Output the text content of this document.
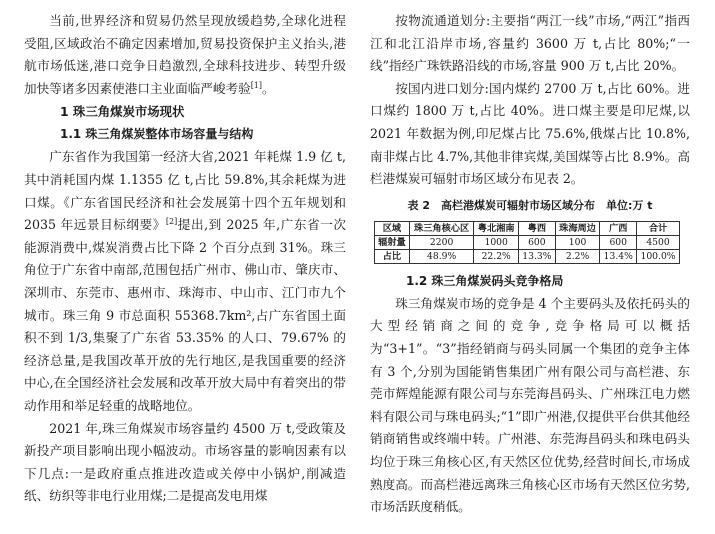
当前,世界经济和贸易仍然呈现放缓趋势,全球化进程受阻,区域政治不确定因素增加,贸易投资保护主义抬头,港航市场低迷,港口竞争日趋激烈,全球科技进步、转型升级加快等诸多因素使港口主业面临严峻考验[1]。

1 珠三角煤炭市场现状
1.1 珠三角煤炭整体市场容量与结构

广东省作为我国第一经济大省,2021 年耗煤 1.9 亿 t,其中消耗国内煤 1.1355 亿 t,占比 59.8%,其余耗煤为进口煤。《广东省国民经济和社会发展第十四个五年规划和 2035 年远景目标纲要》[2]提出,到 2025 年,广东省一次能源消费中,煤炭消费占比下降 2 个百分点到 31%。珠三角位于广东省中南部,范围包括广州市、佛山市、肇庆市、深圳市、东莞市、惠州市、珠海市、中山市、江门市九个城市。珠三角 9 市总面积 55368.7km²,占广东省国土面积不到 1/3,集聚了广东省 53.35% 的人口、79.67% 的经济总量,是我国改革开放的先行地区,是我国重要的经济中心,在全国经济社会发展和改革开放大局中有着突出的带动作用和举足轻重的战略地位。

2021 年,珠三角煤炭市场容量约 4500 万 t,受政策及新投产项目影响出现小幅波动。市场容量的影响因素有以下几点:一是政府重点推进改造或关停中小锅炉,削减造纸、纺织等非电行业用煤;二是提高发电用煤

按物流通道划分:主要指“两江一线”市场,“两江”指西江和北江沿岸市场,容量约 3600 万 t,占比 80%;“一线”指经广珠铁路沿线的市场,容量 900 万 t,占比 20%。

按国内进口划分:国内煤约 2700 万 t,占比 60%。进口煤约 1800 万 t,占比 40%。进口煤主要是印尼煤,以 2021 年数据为例,印尼煤占比 75.6%,俄煤占比 10.8%,南非煤占比 4.7%,其他非律宾煤,美国煤等占比 8.9%。高栏港煤炭可辐射市场区域分布见表 2。

表 2　高栏港煤炭可辐射市场区域分布　单位:万 t
区域	珠三角核心区	粤北湘南	粤西	珠海周边	广西	合计
辐射量	2200	1000	600	100	600	4500
占比	48.9%	22.2%	13.3%	2.2%	13.4%	100.0%
1.2 珠三角煤炭码头竞争格局

珠三角煤炭市场的竞争是 4 个主要码头及依托码头的大型经销商之间的竞争,竞争格局可以概括为“3+1”。“3”指经销商与码头同属一个集团的竞争主体有 3 个,分别为国能销售集团广州有限公司与高栏港、东莞市辉煌能源有限公司与东莞海昌码头、广州珠江电力燃料有限公司与珠电码头;“1”即广州港,仅提供平台供其他经销商销售或终端中转。广州港、东莞海昌码头和珠电码头均位于珠三角核心区,有天然区位优势,经营时间长,市场成熟度高。而高栏港远离珠三角核心区市场有天然区位劣势,市场活跃度稍低。
